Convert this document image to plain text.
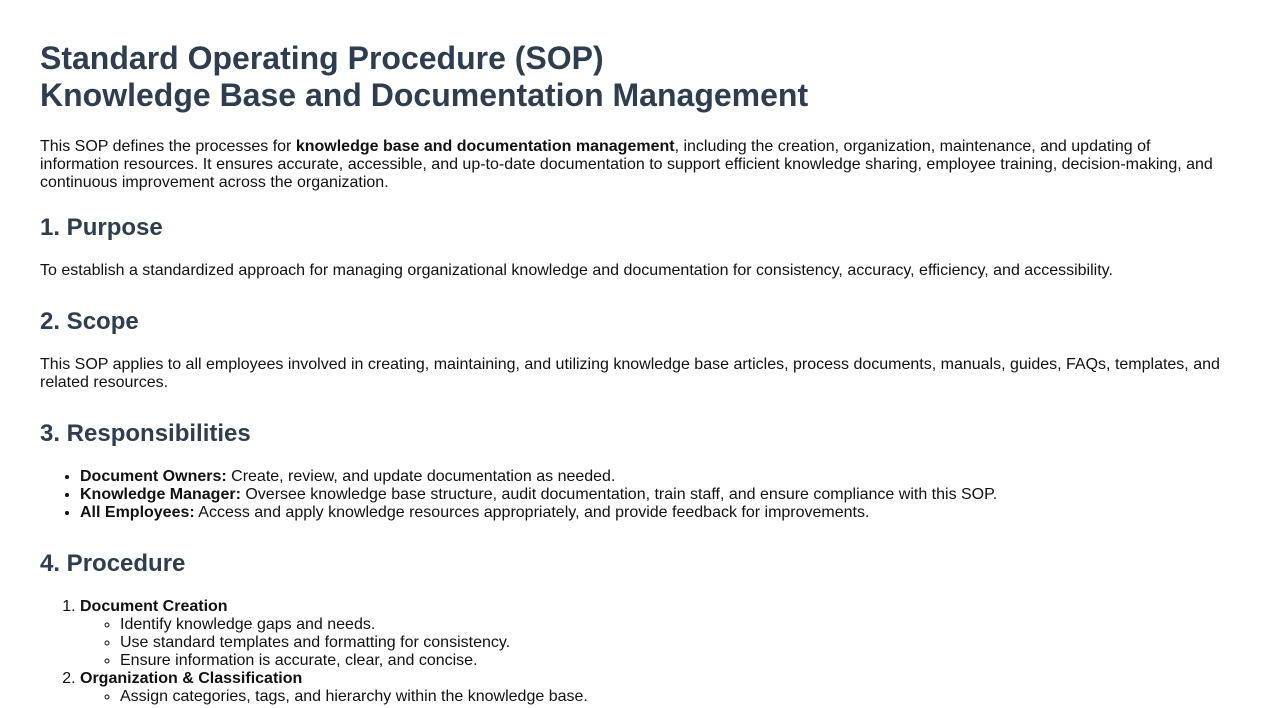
Standard Operating Procedure (SOP)
Knowledge Base and Documentation Management

This SOP defines the processes for knowledge base and documentation management, including the creation, organization, maintenance, and updating of information resources. It ensures accurate, accessible, and up-to-date documentation to support efficient knowledge sharing, employee training, decision-making, and continuous improvement across the organization.

1. Purpose

To establish a standardized approach for managing organizational knowledge and documentation for consistency, accuracy, efficiency, and accessibility.

2. Scope

This SOP applies to all employees involved in creating, maintaining, and utilizing knowledge base articles, process documents, manuals, guides, FAQs, templates, and related resources.

3. Responsibilities
• Document Owners: Create, review, and update documentation as needed.
• Knowledge Manager: Oversee knowledge base structure, audit documentation, train staff, and ensure compliance with this SOP.
• All Employees: Access and apply knowledge resources appropriately, and provide feedback for improvements.
4. Procedure
1. Document Creation
◦ Identify knowledge gaps and needs.
◦ Use standard templates and formatting for consistency.
◦ Ensure information is accurate, clear, and concise.
2. Organization & Classification
◦ Assign categories, tags, and hierarchy within the knowledge base.
